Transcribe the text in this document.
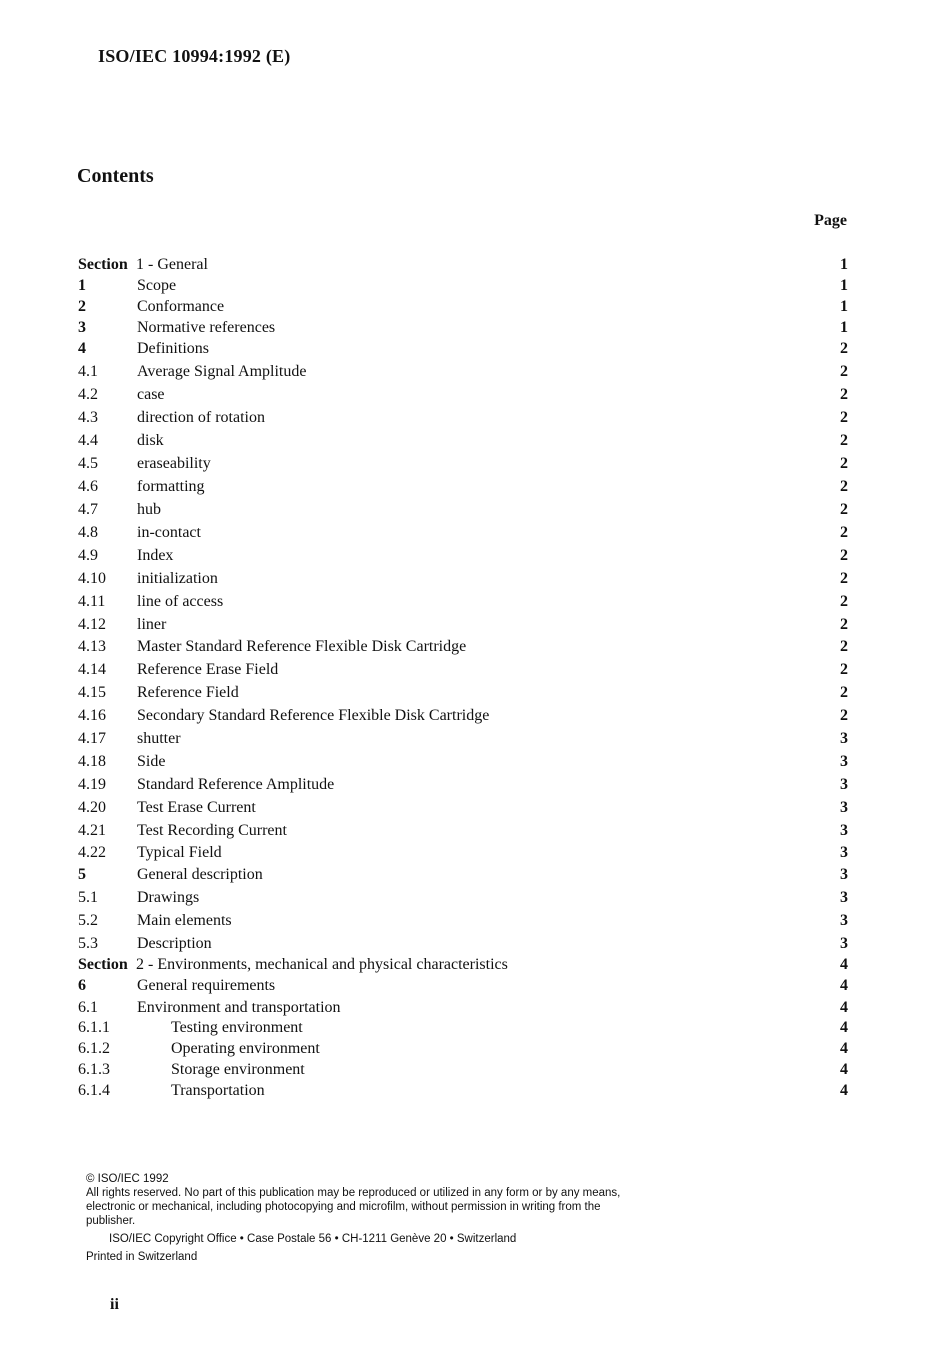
ISO/IEC 10994:1992 (E)
Contents
Page
Section 1 - General	1
1	Scope	1
2	Conformance	1
3	Normative references	1
4	Definitions	2
4.1 Average Signal Amplitude	2
4.2 case	2
4.3 direction of rotation	2
4.4 disk	2
4.5 eraseability	2
4.6 formatting	2
4.7 hub	2
4.8 in-contact	2
4.9 Index	2
4.10 initialization	2
4.11 line of access	2
4.12 liner	2
4.13 Master Standard Reference Flexible Disk Cartridge	2
4.14 Reference Erase Field	2
4.15 Reference Field	2
4.16 Secondary Standard Reference Flexible Disk Cartridge	2
4.17 shutter	3
4.18 Side	3
4.19 Standard Reference Amplitude	3
4.20 Test Erase Current	3
4.21 Test Recording Current	3
4.22 Typical Field	3
5	General description	3
5.1 Drawings	3
5.2 Main elements	3
5.3 Description	3
Section 2 - Environments, mechanical and physical characteristics	4
6	General requirements	4
6.1 Environment and transportation	4
6.1.1	Testing environment	4
6.1.2	Operating environment	4
6.1.3	Storage environment	4
6.1.4	Transportation	4
© ISO/IEC 1992
All rights reserved. No part of this publication may be reproduced or utilized in any form or by any means, electronic or mechanical, including photocopying and microfilm, without permission in writing from the publisher.
ISO/IEC Copyright Office • Case Postale 56 • CH-1211 Genève 20 • Switzerland
Printed in Switzerland
ii
